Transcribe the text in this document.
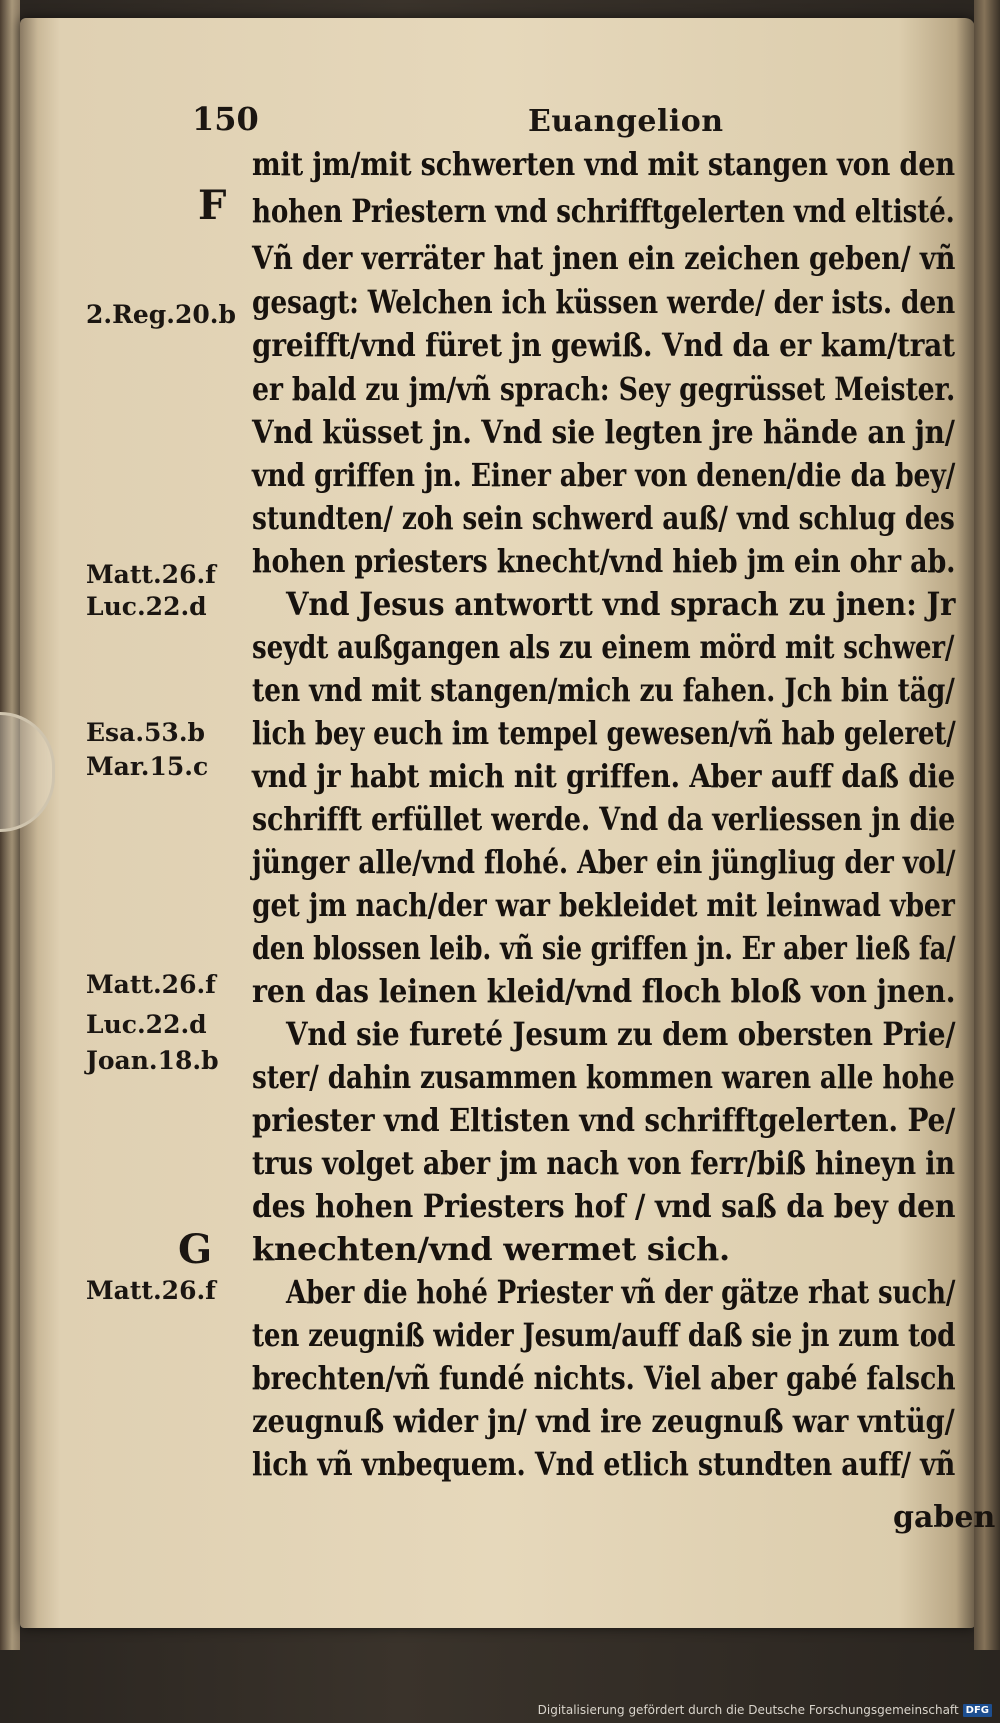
150	Euangelion
F
G
2.Reg.20.b
Matt.26.f
Luc.22.d
Esa.53.b
Mar.15.c
Matt.26.f
Luc.22.d
Joan.18.b
Matt.26.f
mit jm/mit schwerten vnd mit stangen von den
hohen Priestern vnd schrifftgelerten vnd eltisté.
Vñ der verräter hat jnen ein zeichen geben/ vñ
gesagt: Welchen ich küssen werde/ der ists. den
greifft/vnd füret jn gewiß. Vnd da er kam/trat
er bald zu jm/vñ sprach: Sey gegrüsset Meister.
Vnd küsset jn. Vnd sie legten jre hände an jn/
vnd griffen jn. Einer aber von denen/die da bey/
stundten/ zoh sein schwerd auß/ vnd schlug des
hohen priesters knecht/vnd hieb jm ein ohr ab.
Vnd Jesus antwortt vnd sprach zu jnen: Jr
seydt außgangen als zu einem mörd mit schwer/
ten vnd mit stangen/mich zu fahen. Jch bin täg/
lich bey euch im tempel gewesen/vñ hab geleret/
vnd jr habt mich nit griffen. Aber auff daß die
schrifft erfüllet werde. Vnd da verliessen jn die
jünger alle/vnd flohé. Aber ein jüngliug der vol/
get jm nach/der war bekleidet mit leinwad vber
den blossen leib. vñ sie griffen jn. Er aber ließ fa/
ren das leinen kleid/vnd floch bloß von jnen.
Vnd sie fureté Jesum zu dem obersten Prie/
ster/ dahin zusammen kommen waren alle hohe
priester vnd Eltisten vnd schrifftgelerten. Pe/
trus volget aber jm nach von ferr/biß hineyn in
des hohen Priesters hof / vnd saß da bey den
knechten/vnd wermet sich.
Aber die hohé Priester vñ der gätze rhat such/
ten zeugniß wider Jesum/auff daß sie jn zum tod
brechten/vñ fundé nichts. Viel aber gabé falsch
zeugnuß wider jn/ vnd ire zeugnuß war vntüg/
lich vñ vnbequem. Vnd etlich stundten auff/ vñ
gaben
Digitalisierung gefördert durch die Deutsche Forschungsgemeinschaft DFG
